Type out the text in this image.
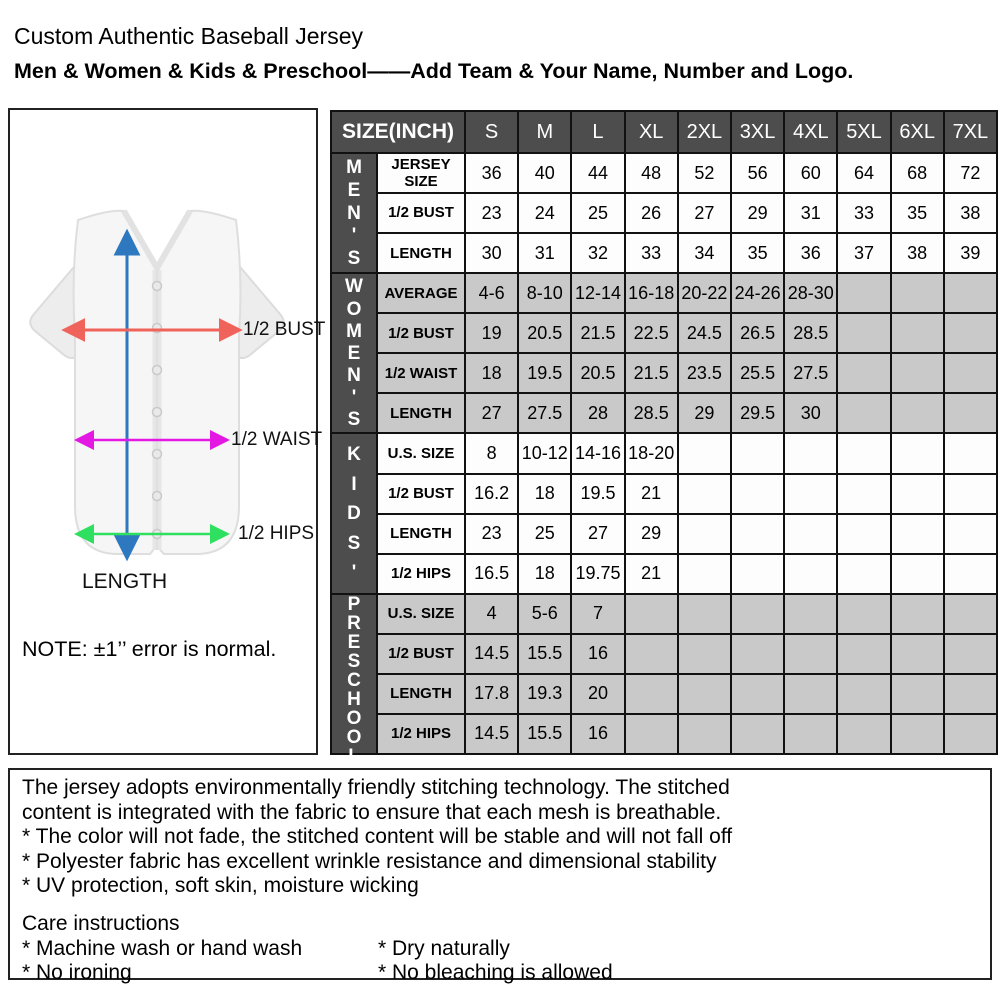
Custom Authentic Baseball Jersey
Men & Women & Kids & Preschool——Add Team & Your Name, Number and Logo.
1/2 BUST
1/2 WAIST
1/2 HIPS
LENGTH
NOTE: ±1’’ error is normal.
SIZE(INCH)	S	M	L	XL	2XL 3XL 4XL 5XL 6XL 7XL
M
E
N
'
S
JERSEY SIZE	36	40	44	48	52	56	60	64	68	72
1/2 BUST	23	24	25	26	27	29	31	33	35	38
LENGTH	30	31	32	33	34	35	36	37	38	39
W
O
M
E
N
'
S
AVERAGE	4-6	8-10 12-14 16-18 20-22 24-26 28-30
1/2 BUST	19	20.5	21.5	22.5	24.5	26.5	28.5
1/2 WAIST	18	19.5	20.5	21.5	23.5	25.5	27.5
LENGTH	27	27.5	28	28.5	29	29.5	30
K
I
D
S
'
U.S. SIZE	8	10-12 14-16 18-20
1/2 BUST	16.2	18	19.5	21
LENGTH	23	25	27	29
1/2 HIPS	16.5	18	19.75	21
P
R
E
S
C
H
O
O
L
U.S. SIZE	4	5-6	7
1/2 BUST	14.5	15.5	16
LENGTH	17.8	19.3	20
1/2 HIPS	14.5	15.5	16
The jersey adopts environmentally friendly stitching technology. The stitched
content is integrated with the fabric to ensure that each mesh is breathable.
* The color will not fade, the stitched content will be stable and will not fall off
* Polyester fabric has excellent wrinkle resistance and dimensional stability
* UV protection, soft skin, moisture wicking
Care instructions
* Machine wash or hand wash	* Dry naturally
* No ironing	* No bleaching is allowed
